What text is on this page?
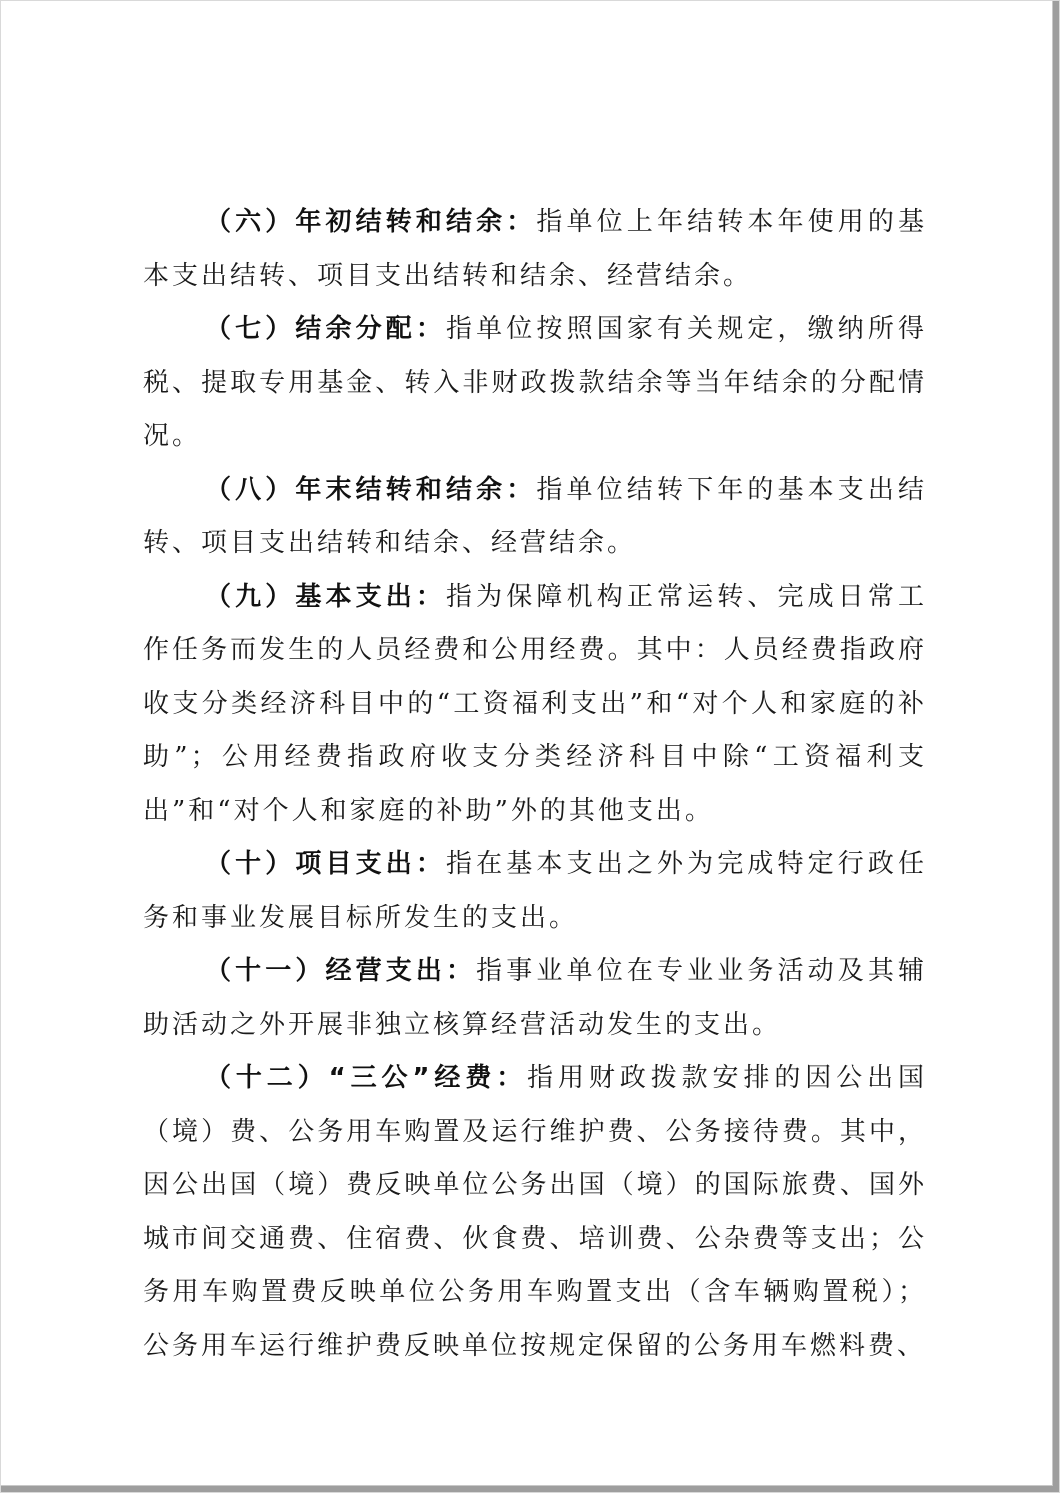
（六）年初结转和结余：指单位上年结转本年使用的基本支出结转、项目支出结转和结余、经营结余。

（七）结余分配：指单位按照国家有关规定，缴纳所得税、提取专用基金、转入非财政拨款结余等当年结余的分配情况。

（八）年末结转和结余：指单位结转下年的基本支出结转、项目支出结转和结余、经营结余。

（九）基本支出：指为保障机构正常运转、完成日常工作任务而发生的人员经费和公用经费。其中：人员经费指政府收支分类经济科目中的“工资福利支出”和“对个人和家庭的补助”；公用经费指政府收支分类经济科目中除“工资福利支出”和“对个人和家庭的补助”外的其他支出。

（十）项目支出：指在基本支出之外为完成特定行政任务和事业发展目标所发生的支出。

（十一）经营支出：指事业单位在专业业务活动及其辅助活动之外开展非独立核算经营活动发生的支出。

（十二）“三公”经费：指用财政拨款安排的因公出国（境）费、公务用车购置及运行维护费、公务接待费。其中，因公出国（境）费反映单位公务出国（境）的国际旅费、国外城市间交通费、住宿费、伙食费、培训费、公杂费等支出；公务用车购置费反映单位公务用车购置支出（含车辆购置税）；公务用车运行维护费反映单位按规定保留的公务用车燃料费、
